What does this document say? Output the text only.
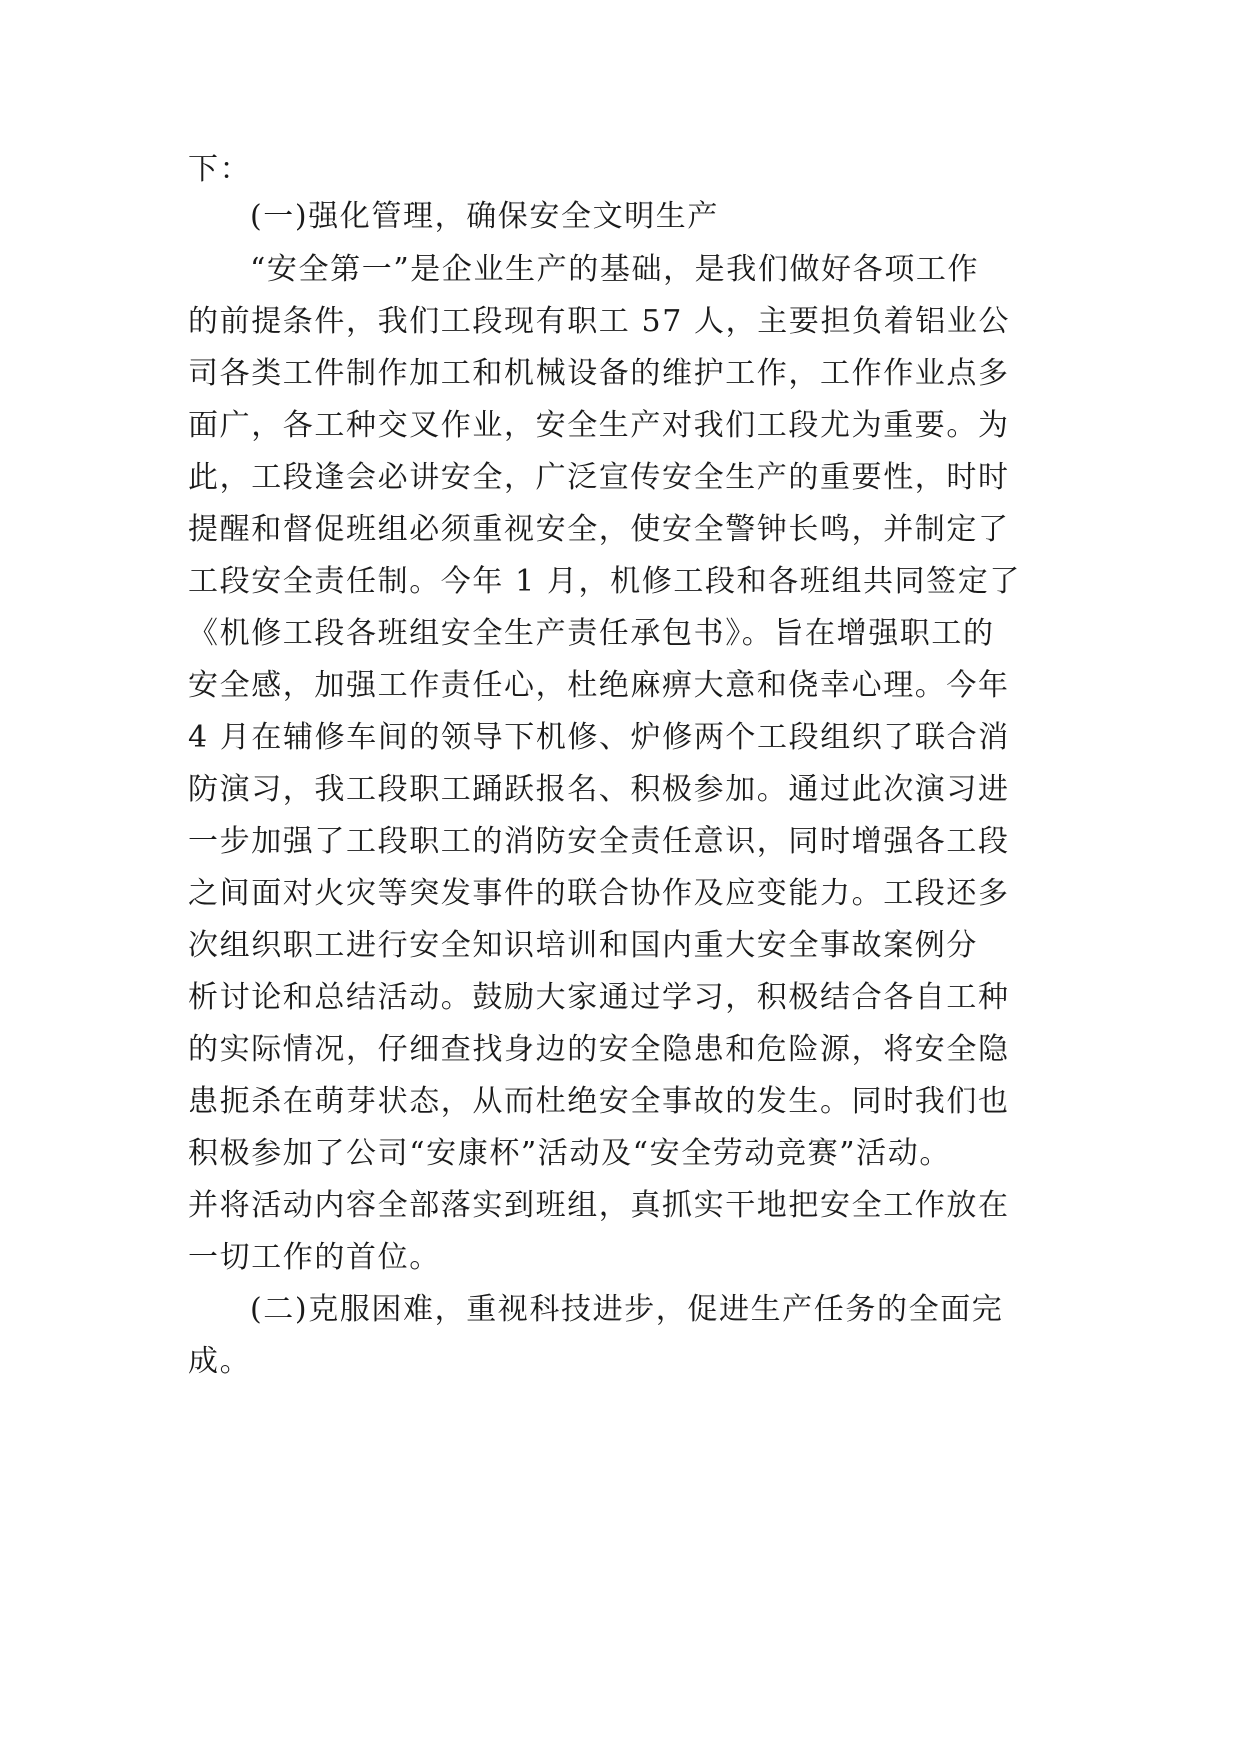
下：
(一)强化管理，确保安全文明生产
“安全第一”是企业生产的基础，是我们做好各项工作
的前提条件，我们工段现有职工 57 人，主要担负着铝业公
司各类工件制作加工和机械设备的维护工作，工作作业点多
面广，各工种交叉作业，安全生产对我们工段尤为重要。为
此，工段逢会必讲安全，广泛宣传安全生产的重要性，时时
提醒和督促班组必须重视安全，使安全警钟长鸣，并制定了
工段安全责任制。今年 1 月，机修工段和各班组共同签定了
《机修工段各班组安全生产责任承包书》。旨在增强职工的
安全感，加强工作责任心，杜绝麻痹大意和侥幸心理。今年
4 月在辅修车间的领导下机修、炉修两个工段组织了联合消
防演习，我工段职工踊跃报名、积极参加。通过此次演习进
一步加强了工段职工的消防安全责任意识，同时增强各工段
之间面对火灾等突发事件的联合协作及应变能力。工段还多
次组织职工进行安全知识培训和国内重大安全事故案例分
析讨论和总结活动。鼓励大家通过学习，积极结合各自工种
的实际情况，仔细查找身边的安全隐患和危险源，将安全隐
患扼杀在萌芽状态，从而杜绝安全事故的发生。同时我们也
积极参加了公司“安康杯”活动及“安全劳动竞赛”活动。
并将活动内容全部落实到班组，真抓实干地把安全工作放在
一切工作的首位。
(二)克服困难，重视科技进步，促进生产任务的全面完
成。
